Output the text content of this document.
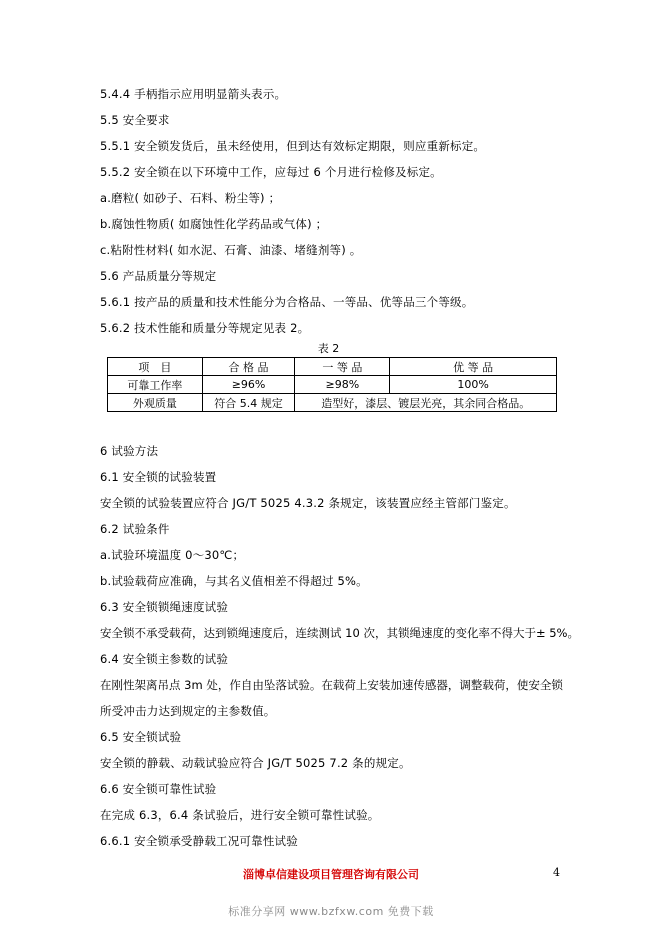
5.4.4 手柄指示应用明显箭头表示。
5.5 安全要求
5.5.1 安全锁发货后，虽未经使用，但到达有效标定期限，则应重新标定。
5.5.2 安全锁在以下环境中工作，应每过 6 个月进行检修及标定。
a.磨粒( 如砂子、石料、粉尘等) ；
b.腐蚀性物质( 如腐蚀性化学药品或气体) ；
c.粘附性材料( 如水泥、石膏、油漆、堵缝剂等) 。
5.6 产品质量分等规定
5.6.1 按产品的质量和技术性能分为合格品、一等品、优等品三个等级。
5.6.2 技术性能和质量分等规定见表 2。
表 2
项　目	合 格 品	一 等 品	优 等 品
可靠工作率	≥96%	≥98%	100%
外观质量	符合 5.4 规定	造型好，漆层、镀层光亮，其余同合格品。	
6 试验方法
6.1 安全锁的试验装置
安全锁的试验装置应符合 JG/T 5025 4.3.2 条规定，该装置应经主管部门鉴定。
6.2 试验条件
a.试验环境温度 0～30℃；
b.试验载荷应准确，与其名义值相差不得超过 5%。
6.3 安全锁锁绳速度试验
安全锁不承受载荷，达到锁绳速度后，连续测试 10 次，其锁绳速度的变化率不得大于± 5%。
6.4 安全锁主参数的试验
在刚性架离吊点 3m 处，作自由坠落试验。在载荷上安装加速传感器，调整载荷，使安全锁
所受冲击力达到规定的主参数值。
6.5 安全锁试验
安全锁的静载、动载试验应符合 JG/T 5025 7.2 条的规定。
6.6 安全锁可靠性试验
在完成 6.3，6.4 条试验后，进行安全锁可靠性试验。
6.6.1 安全锁承受静载工况可靠性试验
淄博卓信建设项目管理咨询有限公司	4
标准分享网 www.bzfxw.com 免费下载
